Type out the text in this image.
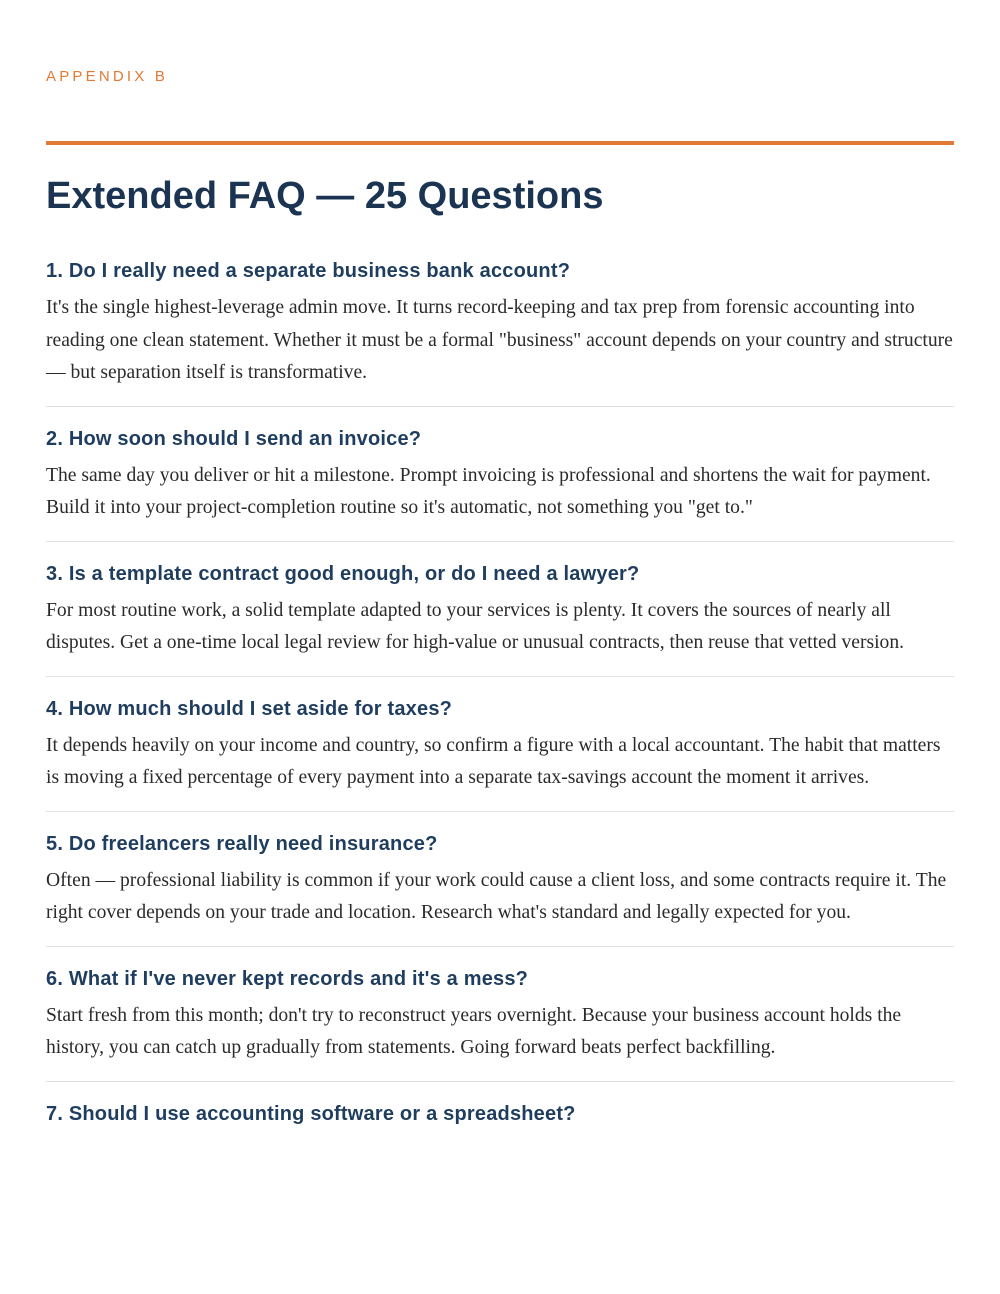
APPENDIX B
Extended FAQ — 25 Questions
1. Do I really need a separate business bank account?

It's the single highest-leverage admin move. It turns record-keeping and tax prep from forensic accounting into reading one clean statement. Whether it must be a formal "business" account depends on your country and structure — but separation itself is transformative.

2. How soon should I send an invoice?

The same day you deliver or hit a milestone. Prompt invoicing is professional and shortens the wait for payment. Build it into your project-completion routine so it's automatic, not something you "get to."

3. Is a template contract good enough, or do I need a lawyer?

For most routine work, a solid template adapted to your services is plenty. It covers the sources of nearly all disputes. Get a one-time local legal review for high-value or unusual contracts, then reuse that vetted version.

4. How much should I set aside for taxes?

It depends heavily on your income and country, so confirm a figure with a local accountant. The habit that matters is moving a fixed percentage of every payment into a separate tax-savings account the moment it arrives.

5. Do freelancers really need insurance?

Often — professional liability is common if your work could cause a client loss, and some contracts require it. The right cover depends on your trade and location. Research what's standard and legally expected for you.

6. What if I've never kept records and it's a mess?

Start fresh from this month; don't try to reconstruct years overnight. Because your business account holds the history, you can catch up gradually from statements. Going forward beats perfect backfilling.

7. Should I use accounting software or a spreadsheet?
